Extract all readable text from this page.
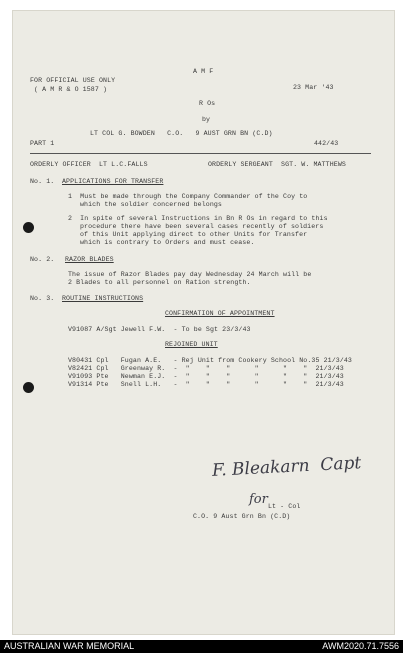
A M F
FOR OFFICIAL USE ONLY
( A M R & O 1587 )	23 Mar '43
R Os
by
LT COL G. BOWDEN   C.O.   9 AUST GRN BN (C.D)
PART 1	442/43
ORDERLY OFFICER  LT L.C.FALLS	ORDERLY SERGEANT  SGT. W. MATTHEWS
No. 1. APPLICATIONS FOR TRANSFER
1  Must be made through the Company Commander of the Coy to
which the soldier concerned belongs
2  In spite of several Instructions in Bn R Os in regard to this
procedure there have been several cases recently of soldiers
of this Unit applying direct to other Units for Transfer
which is contrary to Orders and must cease.
No. 2. RAZOR BLADES
The issue of Razor Blades pay day Wednesday 24 March will be
2 Blades to all personnel on Ration strength.
No. 3. ROUTINE INSTRUCTIONS
CONFIRMATION OF APPOINTMENT
V91087 A/Sgt Jewell F.W.  - To be Sgt 23/3/43
REJOINED UNIT
V80431 Cpl   Fugan A.E.   - Rej Unit from Cookery School No.35 21/3/43
V82421 Cpl   Greenway R.  -  "    "    "      "      "    "  21/3/43
V91093 Pte   Newman E.J.  -  "    "    "      "      "    "  21/3/43
V91314 Pte   Snell L.H.   -  "    "    "      "      "    "  21/3/43
F. Bleakarn  Capt
for Lt - Col
C.O. 9 Aust Grn Bn (C.D)
AUSTRALIAN WAR MEMORIAL	AWM2020.71.7556
